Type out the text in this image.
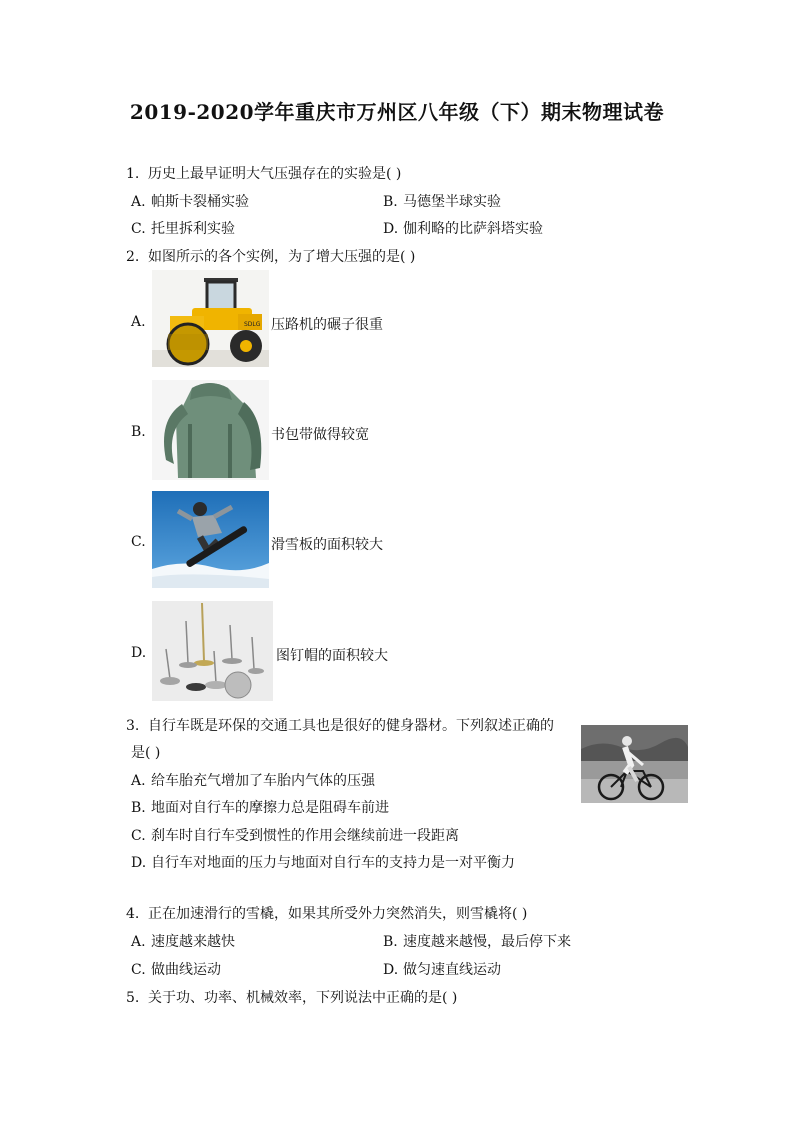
2019-2020学年重庆市万州区八年级（下）期末物理试卷
1. 历史上最早证明大气压强存在的实验是( )
A. 帕斯卡裂桶实验	B. 马德堡半球实验
C. 托里拆利实验	D. 伽利略的比萨斜塔实验
2. 如图所示的各个实例，为了增大压强的是( )
A.	SDLG 压路机的碾子很重
B.	书包带做得较宽
C.	滑雪板的面积较大
D.	图钉帽的面积较大
3. 自行车既是环保的交通工具也是很好的健身器材。下列叙述正确的
是( )
A. 给车胎充气增加了车胎内气体的压强
B. 地面对自行车的摩擦力总是阻碍车前进
C. 刹车时自行车受到惯性的作用会继续前进一段距离
D. 自行车对地面的压力与地面对自行车的支持力是一对平衡力
4. 正在加速滑行的雪橇，如果其所受外力突然消失，则雪橇将( )
A. 速度越来越快	B. 速度越来越慢，最后停下来
C. 做曲线运动	D. 做匀速直线运动
5. 关于功、功率、机械效率，下列说法中正确的是( )
